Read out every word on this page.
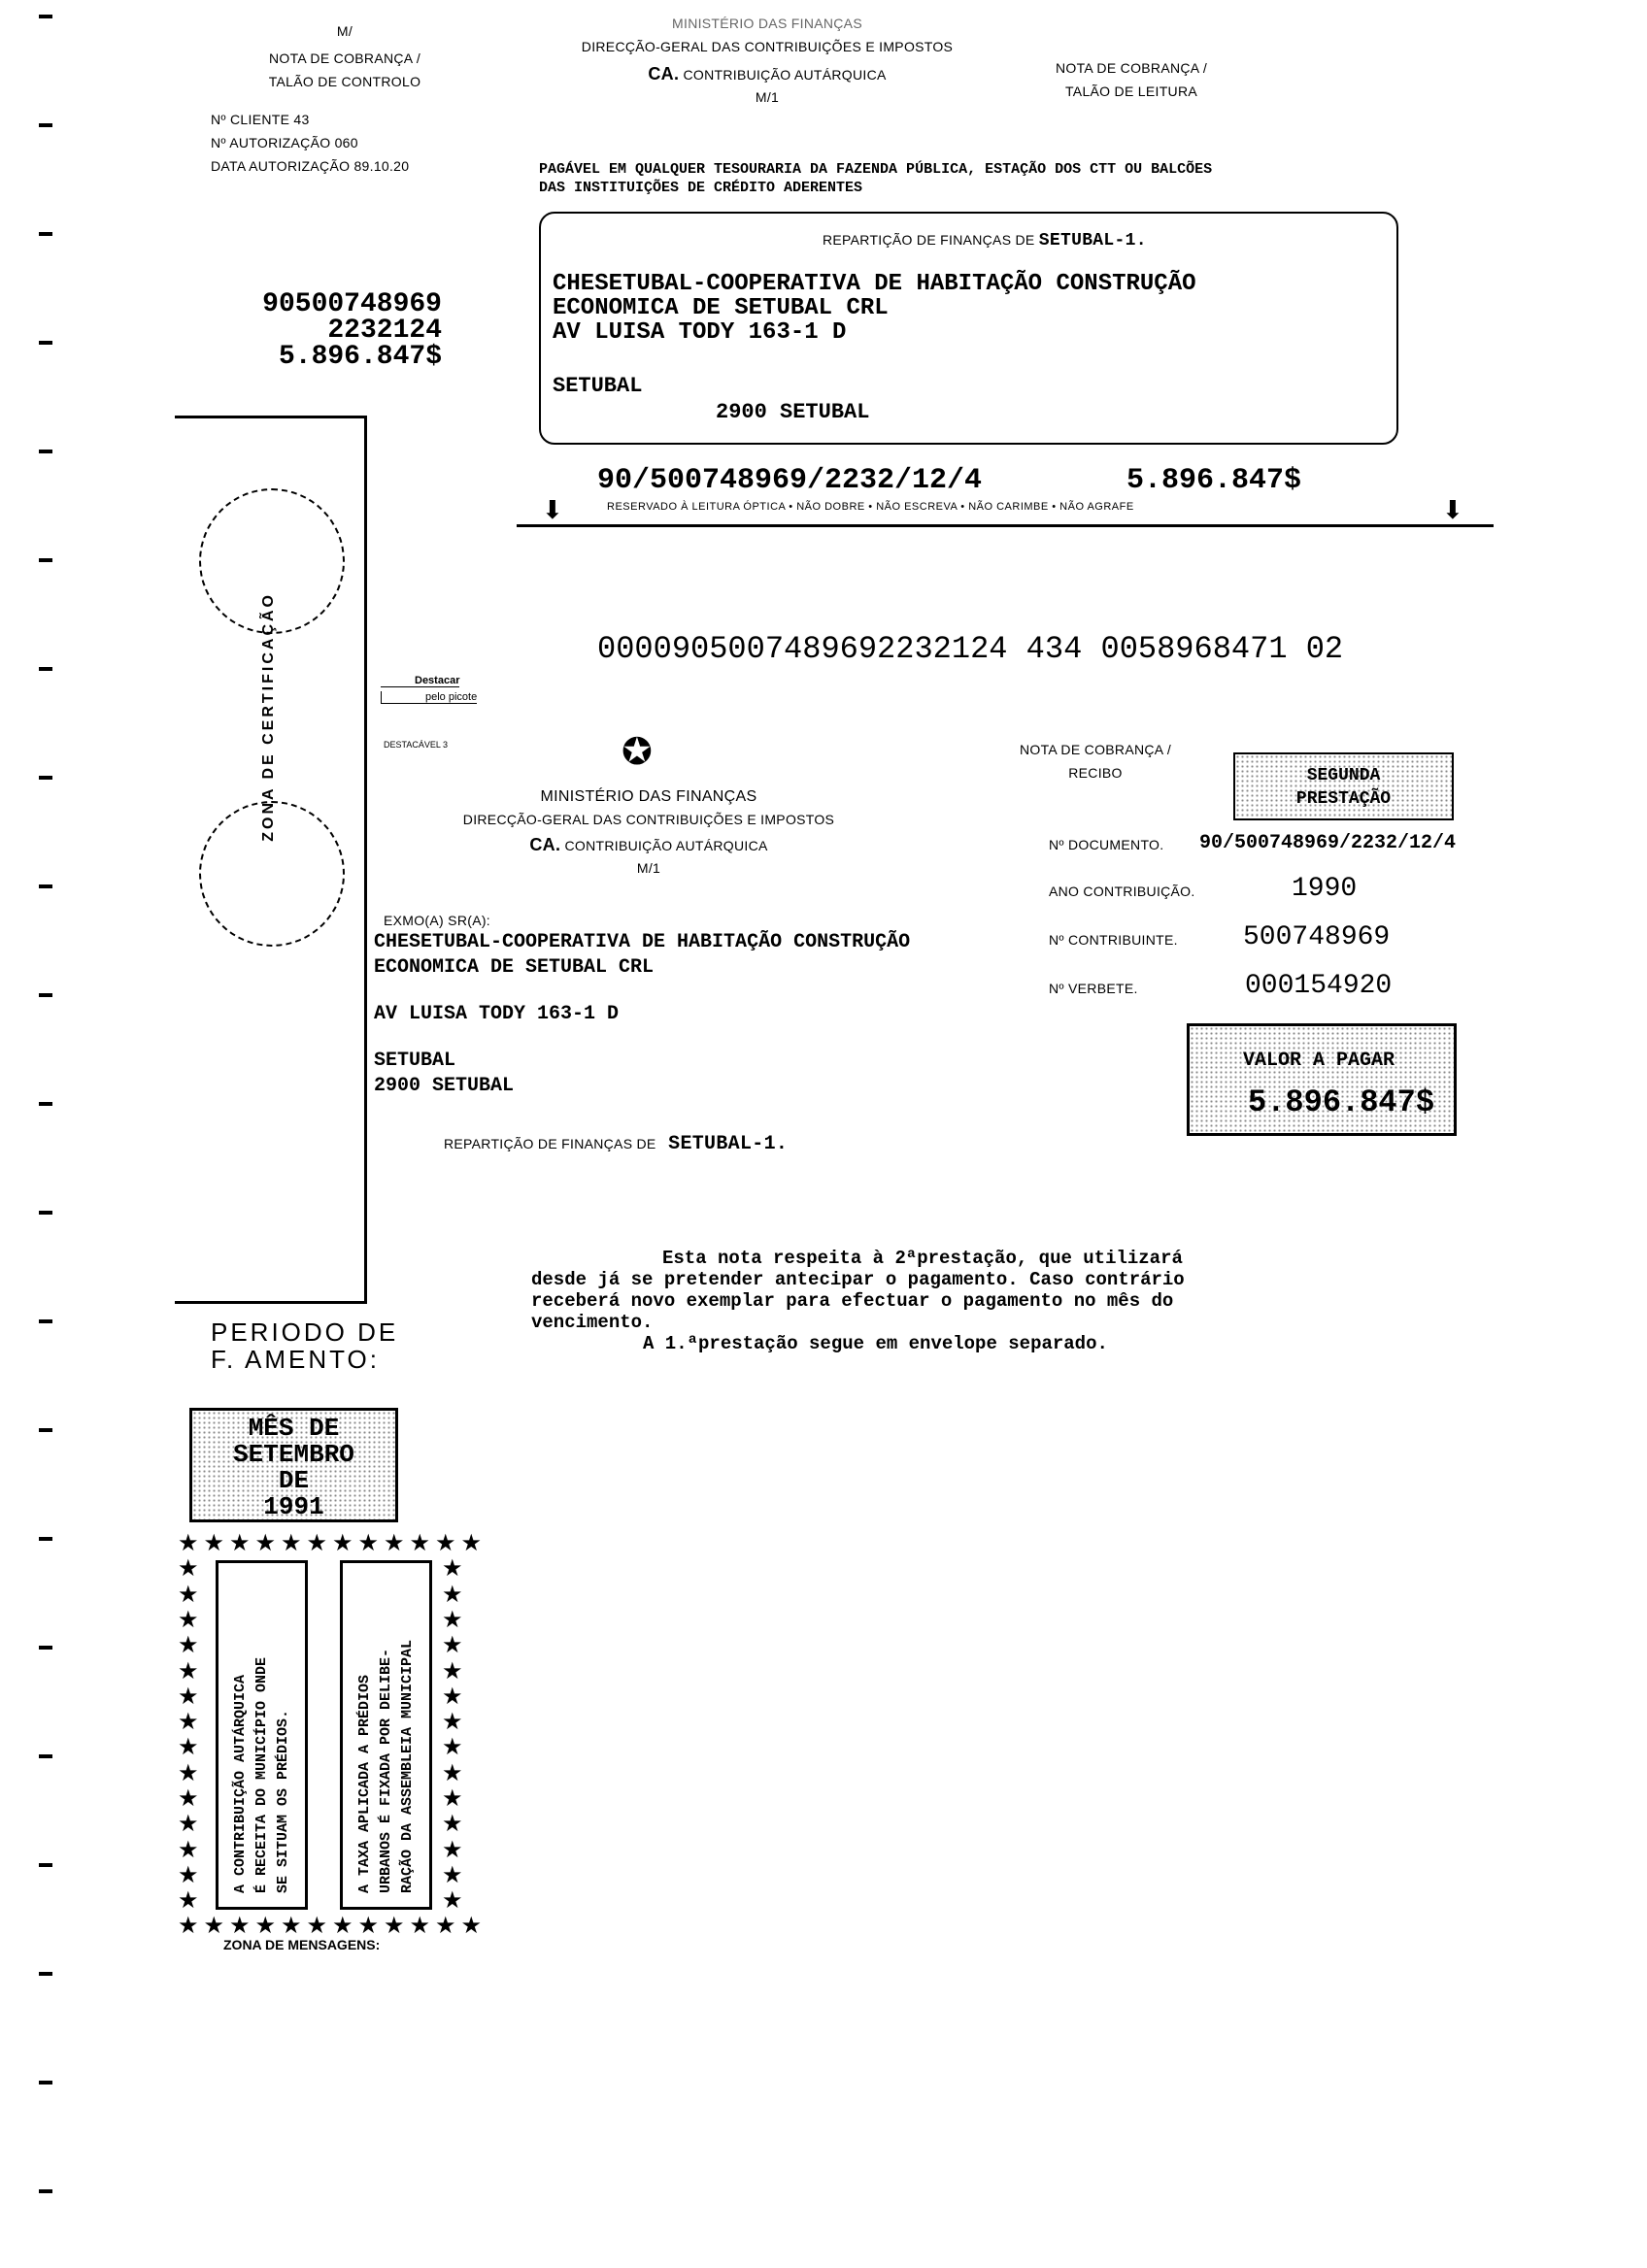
M/
NOTA DE COBRANÇA /
TALÃO DE CONTROLO
Nº CLIENTE 43
Nº AUTORIZAÇÃO 060
DATA AUTORIZAÇÃO 89.10.20
MINISTÉRIO DAS FINANÇAS
DIRECÇÃO-GERAL DAS CONTRIBUIÇÕES E IMPOSTOS
CA. CONTRIBUIÇÃO AUTÁRQUICA
M/1
NOTA DE COBRANÇA /
TALÃO DE LEITURA
PAGÁVEL EM QUALQUER TESOURARIA DA FAZENDA PÚBLICA, ESTAÇÃO DOS CTT OU BALCÕES
DAS INSTITUIÇÕES DE CRÉDITO ADERENTES
REPARTIÇÃO DE FINANÇAS DE SETUBAL-1.
CHESETUBAL-COOPERATIVA DE HABITAÇÃO CONSTRUÇÃO
ECONOMICA DE SETUBAL CRL
AV LUISA TODY 163-1 D
SETUBAL
2900 SETUBAL
90500748969
2232124
5.896.847$
90/500748969/2232/12/4	5.896.847$
⬇	⬇
RESERVADO À LEITURA ÓPTICA • NÃO DOBRE • NÃO ESCREVA • NÃO CARIMBE • NÃO AGRAFE
ZONA DE CERTIFICAÇÃO	0000905007489692232124 434 0058968471 02
Destacar
pelo picote
DESTACÁVEL 3	✪
MINISTÉRIO DAS FINANÇAS
DIRECÇÃO-GERAL DAS CONTRIBUIÇÕES E IMPOSTOS
CA. CONTRIBUIÇÃO AUTÁRQUICA
M/1
NOTA DE COBRANÇA /
RECIBO	SEGUNDA
PRESTAÇÃO
Nº DOCUMENTO. 90/500748969/2232/12/4
ANO CONTRIBUIÇÃO.	1990
Nº CONTRIBUINTE. 500748969
Nº VERBETE.	000154920
EXMO(A) SR(A):
CHESETUBAL-COOPERATIVA DE HABITAÇÃO CONSTRUÇÃO
ECONOMICA DE SETUBAL CRL
AV LUISA TODY 163-1 D
SETUBAL
2900 SETUBAL
VALOR A PAGAR
5.896.847$
REPARTIÇÃO DE FINANÇAS DE SETUBAL-1.
Esta nota respeita à 2ªprestação, que utilizará
desde já se pretender antecipar o pagamento. Caso contrário
receberá novo exemplar para efectuar o pagamento no mês do
vencimento.
A 1.ªprestação segue em envelope separado.
PERIODO DE
F. AMENTO:
MÊS DE
SETEMBRO
DE
1991
★
★
★
★
★
★
★
★
★
★
★
★
★
★
★
★
★
★
★
★
★
★
★
★
★	★
★	★
★	★
★	★
★	★
★	★
★	★
★	★
★	★
★	★
★	★
★	★
★	★
★	★
A CONTRIBUIÇÃO AUTÁRQUICA É RECEITA DO MUNICÍPIO ONDE SE SITUAM OS PRÉDIOS.	A TAXA APLICADA A PRÉDIOS URBANOS É FIXADA POR DELIBE- RAÇÃO DA ASSEMBLEIA MUNICIPAL
ZONA DE MENSAGENS:
